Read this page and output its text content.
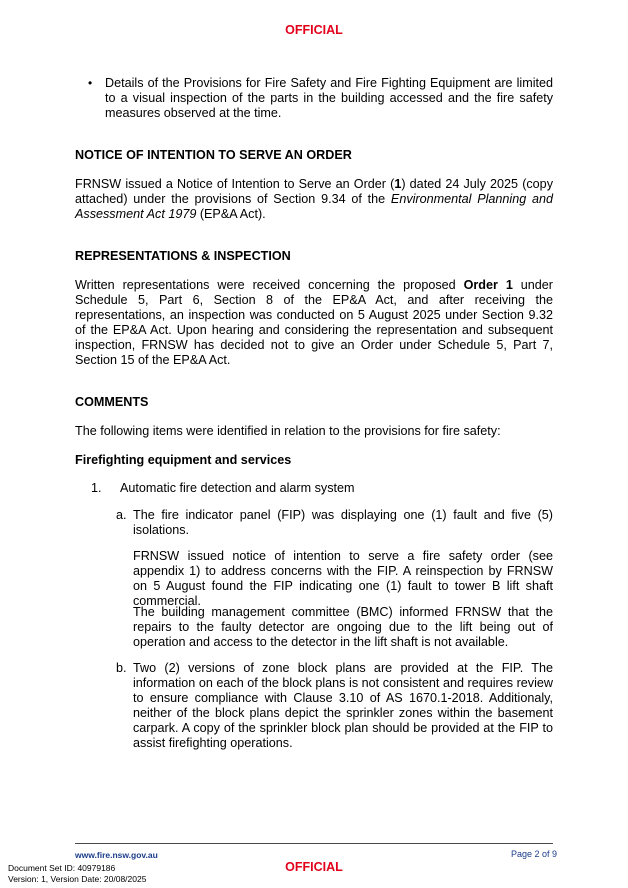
OFFICIAL
• Details of the Provisions for Fire Safety and Fire Fighting Equipment are limited to a visual inspection of the parts in the building accessed and the fire safety measures observed at the time.

NOTICE OF INTENTION TO SERVE AN ORDER

FRNSW issued a Notice of Intention to Serve an Order (1) dated 24 July 2025 (copy attached) under the provisions of Section 9.34 of the Environmental Planning and Assessment Act 1979 (EP&A Act).

REPRESENTATIONS & INSPECTION

Written representations were received concerning the proposed Order 1 under Schedule 5, Part 6, Section 8 of the EP&A Act, and after receiving the representations, an inspection was conducted on 5 August 2025 under Section 9.32 of the EP&A Act. Upon hearing and considering the representation and subsequent inspection, FRNSW has decided not to give an Order under Schedule 5, Part 7, Section 15 of the EP&A Act.

COMMENTS

The following items were identified in relation to the provisions for fire safety:

Firefighting equipment and services
1. Automatic fire detection and alarm system
a. The fire indicator panel (FIP) was displaying one (1) fault and five (5) isolations.

FRNSW issued notice of intention to serve a fire safety order (see appendix 1) to address concerns with the FIP. A reinspection by FRNSW on 5 August found the FIP indicating one (1) fault to tower B lift shaft commercial.

The building management committee (BMC) informed FRNSW that the repairs to the faulty detector are ongoing due to the lift being out of operation and access to the detector in the lift shaft is not available.

b. Two (2) versions of zone block plans are provided at the FIP. The information on each of the block plans is not consistent and requires review to ensure compliance with Clause 3.10 of AS 1670.1-2018. Additionaly, neither of the block plans depict the sprinkler zones within the basement carpark. A copy of the sprinkler block plan should be provided at the FIP to assist firefighting operations.

www.fire.nsw.gov.au	Page 2 of 9
Document Set ID: 40979186
Version: 1, Version Date: 20/08/2025
OFFICIAL
